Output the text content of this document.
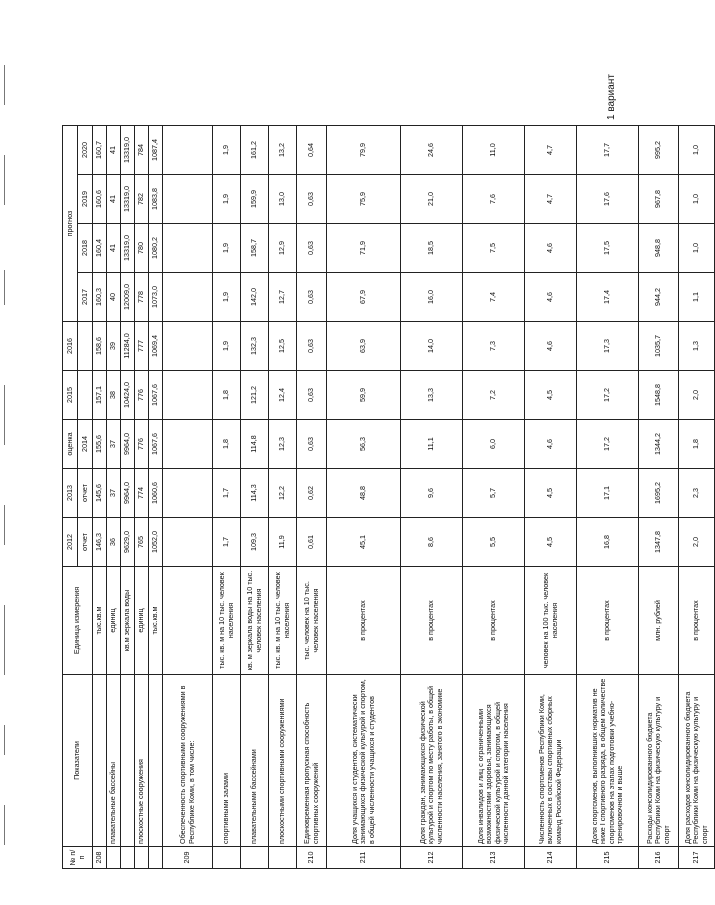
1 вариант
№ п/п	Показатели	Единица измерения	2012	2013	оценка	2015	2016	прогноз			
			отчет	отчет	2014			2017	2018	2019	2020

208		тыс.кв.м	146,3	145,6	155,6	157,1	158,6	160,3	160,4	160,6	160,7
	плавательные бассейны	единиц	36	37	37	38	39	40	41	41	41
		кв.м зеркала воды	9629,0	9964,0	9964,0	10424,0	11284,0	12009,0	13319,0	13319,0	13319,0
	плоскостные сооружения	единиц	765	774	776	776	777	778	780	782	784
		тыс.кв.м	1052,0	1060,6	1067,6	1067,6	1069,4	1073,0	1080,2	1083,8	1087,4
209	Обеспеченность спортивными сооружениями в Республике Коми, в том числе:										
	спортивными залами	тыс. кв. м на 10 тыс. человек населения	1,7	1,7	1,8	1,8	1,9	1,9	1,9	1,9	1,9
	плавательными бассейнами	кв. м зеркала воды на 10 тыс. человек населения	109,3	114,3	114,8	121,2	132,3	142,0	158,7	159,9	161,2
	плоскостными спортивными сооружениями	тыс. кв. м на 10 тыс. человек населения	11,9	12,2	12,3	12,4	12,5	12,7	12,9	13,0	13,2
210	Единовременная пропускная способность спортивных сооружений	тыс. человек на 10 тыс. человек населения	0,61	0,62	0,63	0,63	0,63	0,63	0,63	0,63	0,64
211	Доля учащихся и студентов, систематически занимающихся физической культурой и спортом, в общей численности учащихся и студентов	в процентах	45,1	48,8	56,3	59,9	63,9	67,9	71,9	75,9	79,9
212	Доля граждан, занимающихся физической культурой и спортом по месту работы, в общей численности населения, занятого в экономике	в процентах	8,6	9,6	11,1	13,3	14,0	16,0	18,5	21,0	24,6
213	Доля инвалидов и лиц с ограниченными возможностями здоровья, занимающихся физической культурой и спортом, в общей численности данной категории населения	в процентах	5,5	5,7	6,0	7,2	7,3	7,4	7,5	7,6	11,0
214	Численность спортсменов Республики Коми, включенных в составы спортивных сборных команд Российской Федерации	человек на 100 тыс. человек населения	4,5	4,5	4,6	4,5	4,6	4,6	4,6	4,7	4,7
215	Доля спортсменов, выполнивших норматив не ниже I спортивного разряда, в общем количестве спортсменов на этапах подготовки учебно-тренировочном и выше	в процентах	16,8	17,1	17,2	17,2	17,3	17,4	17,5	17,6	17,7
216	Расходы консолидированного бюджета Республики Коми на физическую культуру и спорт	млн. рублей	1347,8	1695,2	1344,2	1548,8	1035,7	944,2	948,8	967,8	995,2
217	Доля расходов консолидированного бюджета Республики Коми на физическую культуру и спорт	в процентах	2,0	2,3	1,8	2,0	1,3	1,1	1,0	1,0	1,0
